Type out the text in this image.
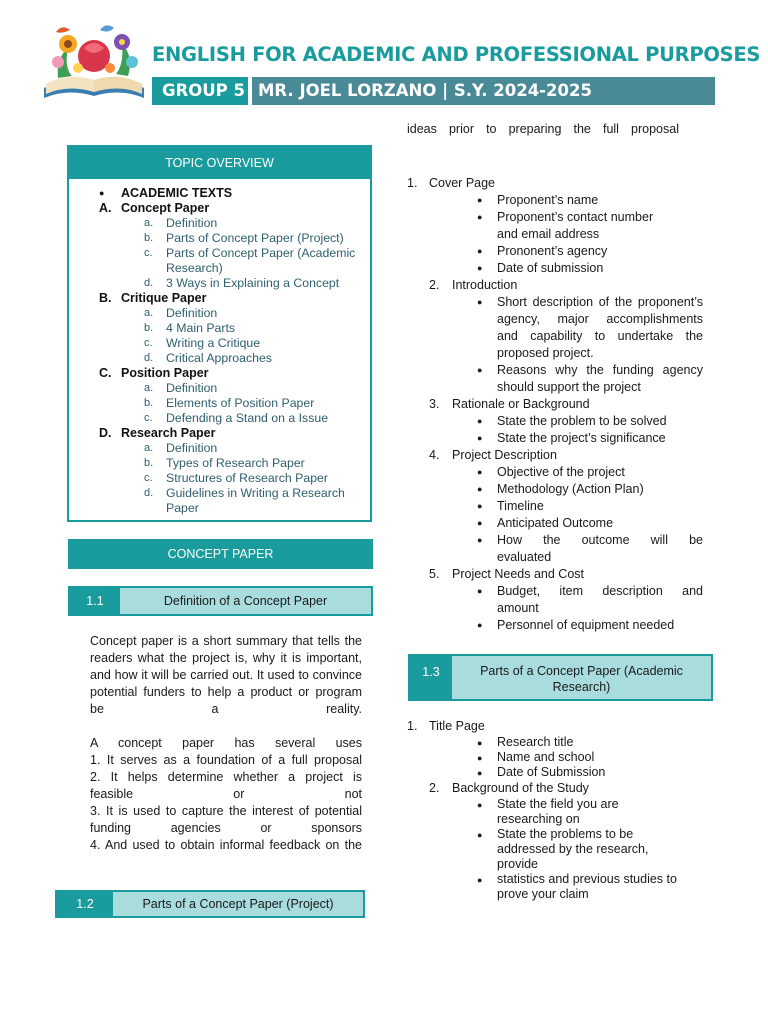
ENGLISH FOR ACADEMIC AND PROFESSIONAL PURPOSES
GROUP 5 MR. JOEL LORZANO | S.Y. 2024-2025
TOPIC OVERVIEW
● ACADEMIC TEXTS
A. Concept Paper
a. Definition
b. Parts of Concept Paper (Project)
c. Parts of Concept Paper (Academic
Research)
d. 3 Ways in Explaining a Concept
B. Critique Paper
a. Definition
b. 4 Main Parts
c. Writing a Critique
d. Critical Approaches
C. Position Paper
a. Definition
b. Elements of Position Paper
c. Defending a Stand on a Issue
D. Research Paper
a. Definition
b. Types of Research Paper
c. Structures of Research Paper
d. Guidelines in Writing a Research
Paper
CONCEPT PAPER
1.1	Definition of a Concept Paper
Concept paper is a short summary that tells the
readers what the project is, why it is important,
and how it will be carried out. It used to convince
potential funders to help a product or program
be a reality.
A concept paper has several uses
1. It serves as a foundation of a full proposal
2. It helps determine whether a project is
feasible or not
3. It is used to capture the interest of potential
funding agencies or sponsors
4. And used to obtain informal feedback on the
1.2	Parts of a Concept Paper (Project)
ideas prior to preparing the full proposal
1. Cover Page
● Proponent’s name
● Proponent’s contact number
and email address
● Prononent’s agency
● Date of submission
2. Introduction
● Short description of the proponent’s
agency, major accomplishments
and capability to undertake the
proposed project.
● Reasons why the funding agency
should support the project
3. Rationale or Background
● State the problem to be solved
● State the project’s significance
4. Project Description
● Objective of the project
● Methodology (Action Plan)
● Timeline
● Anticipated Outcome
● How the outcome will be
evaluated
5. Project Needs and Cost
● Budget, item description and
amount
● Personnel of equipment needed
1.3	Parts of a Concept Paper (Academic Research)
1. Title Page
● Research title
● Name and school
● Date of Submission
2. Background of the Study
● State the field you are
researching on
● State the problems to be
addressed by the research,
provide
● statistics and previous studies to
prove your claim
